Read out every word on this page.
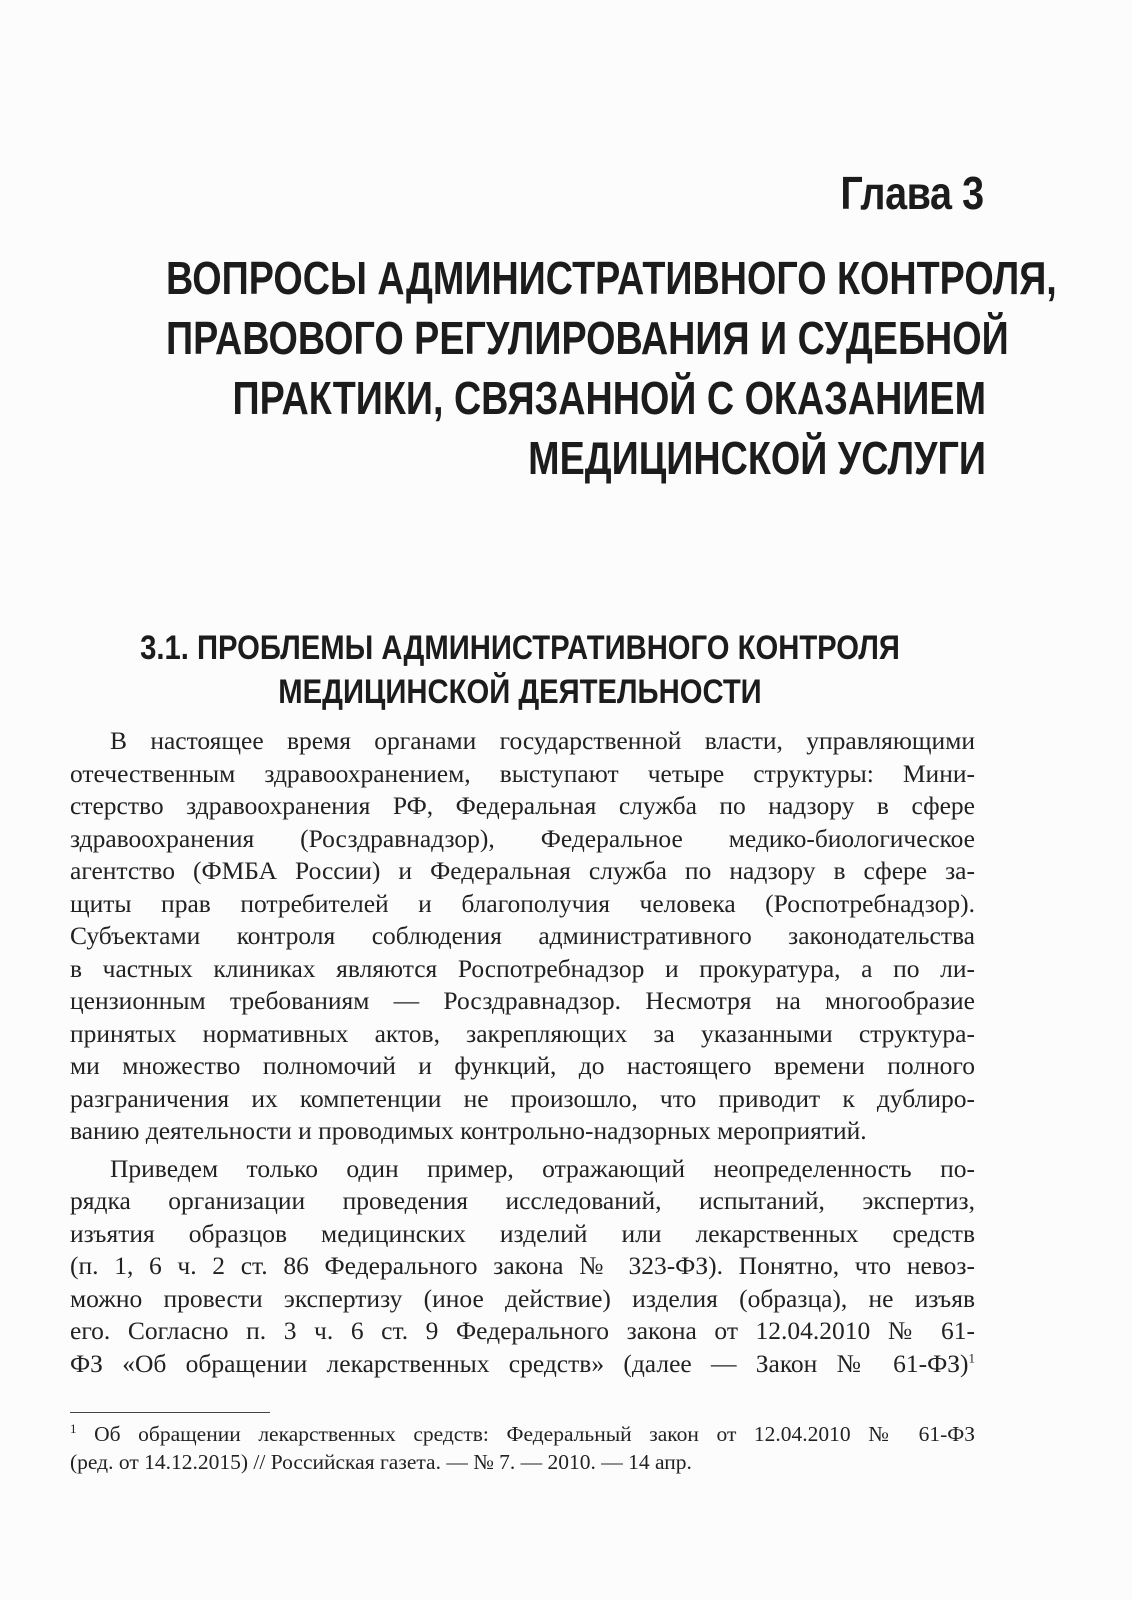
Глава 3
ВОПРОСЫ АДМИНИСТРАТИВНОГО КОНТРОЛЯ,
ПРАВОВОГО РЕГУЛИРОВАНИЯ И СУДЕБНОЙ
ПРАКТИКИ, СВЯЗАННОЙ С ОКАЗАНИЕМ
МЕДИЦИНСКОЙ УСЛУГИ
3.1. ПРОБЛЕМЫ АДМИНИСТРАТИВНОГО КОНТРОЛЯ
МЕДИЦИНСКОЙ ДЕЯТЕЛЬНОСТИ
В настоящее время органами государственной власти, управляющими
отечественным здравоохранением, выступают четыре структуры: Мини-
стерство здравоохранения РФ, Федеральная служба по надзору в сфере
здравоохранения (Росздравнадзор), Федеральное медико-биологическое
агентство (ФМБА России) и Федеральная служба по надзору в сфере за-
щиты прав потребителей и благополучия человека (Роспотребнадзор).
Субъектами контроля соблюдения административного законодательства
в частных клиниках являются Роспотребнадзор и прокуратура, а по ли-
цензионным требованиям — Росздравнадзор. Несмотря на многообразие
принятых нормативных актов, закрепляющих за указанными структура-
ми множество полномочий и функций, до настоящего времени полного
разграничения их компетенции не произошло, что приводит к дублиро-
ванию деятельности и проводимых контрольно-надзорных мероприятий.
Приведем только один пример, отражающий неопределенность по-
рядка организации проведения исследований, испытаний, экспертиз,
изъятия образцов медицинских изделий или лекарственных средств
(п. 1, 6 ч. 2 ст. 86 Федерального закона № 323-ФЗ). Понятно, что невоз-
можно провести экспертизу (иное действие) изделия (образца), не изъяв
его. Согласно п. 3 ч. 6 ст. 9 Федерального закона от 12.04.2010 № 61-
ФЗ «Об обращении лекарственных средств» (далее — Закон № 61-ФЗ)$^1$
$^1$ Об обращении лекарственных средств: Федеральный закон от 12.04.2010 № 61-ФЗ
(ред. от 14.12.2015) // Российская газета. — № 7. — 2010. — 14 апр.
